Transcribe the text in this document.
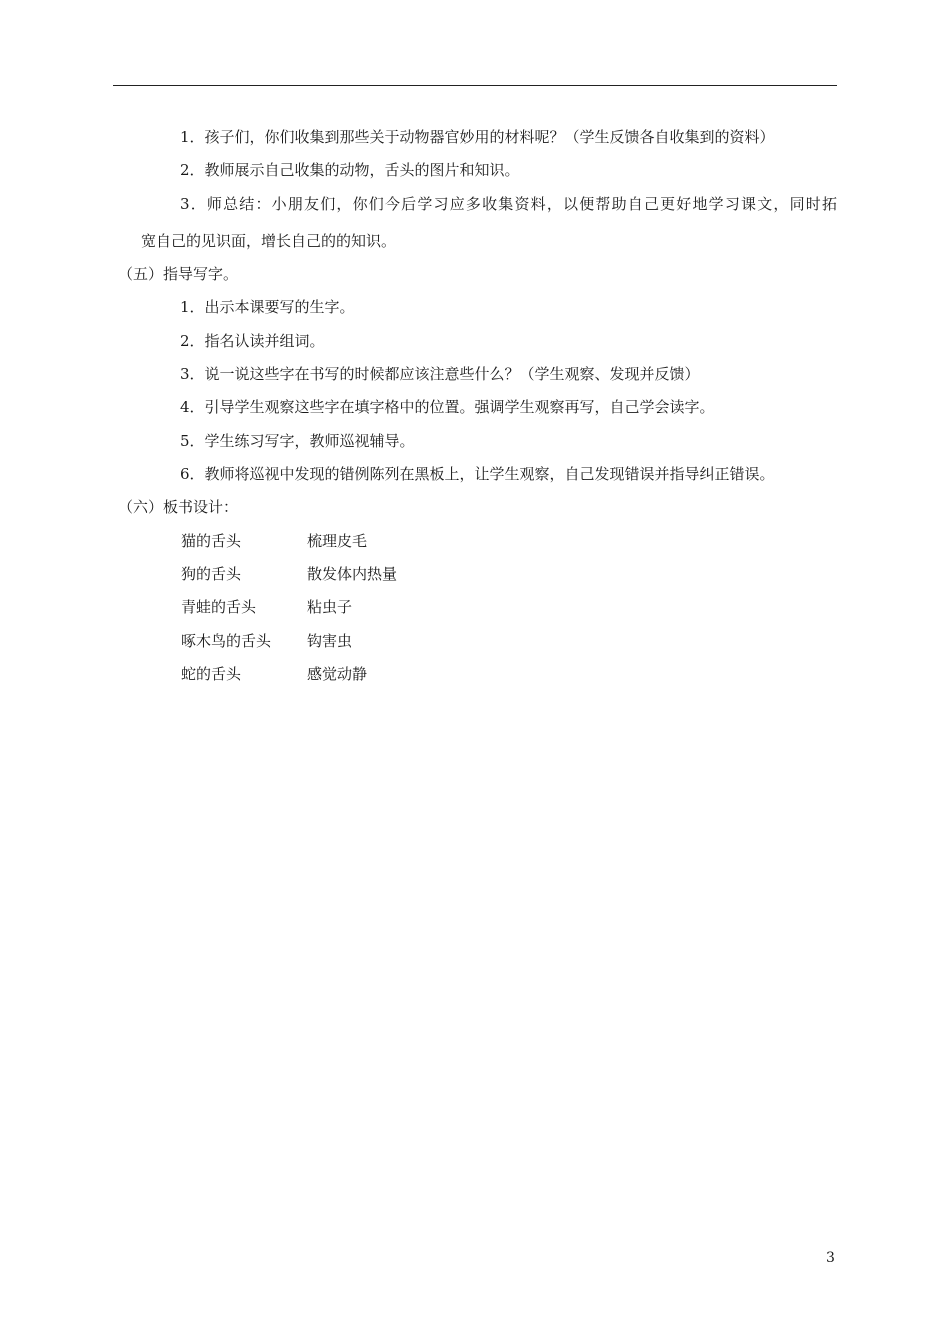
1．孩子们，你们收集到那些关于动物器官妙用的材料呢？（学生反馈各自收集到的资料）
2．教师展示自己收集的动物，舌头的图片和知识。
3．师总结：小朋友们，你们今后学习应多收集资料，以便帮助自己更好地学习课文，同时拓
宽自己的见识面，增长自己的的知识。
（五）指导写字。
1．出示本课要写的生字。
2．指名认读并组词。
3．说一说这些字在书写的时候都应该注意些什么？（学生观察、发现并反馈）
4．引导学生观察这些字在填字格中的位置。强调学生观察再写，自己学会读字。
5．学生练习写字，教师巡视辅导。
6．教师将巡视中发现的错例陈列在黑板上，让学生观察，自己发现错误并指导纠正错误。
（六）板书设计：
猫的舌头	梳理皮毛
狗的舌头	散发体内热量
青蛙的舌头	粘虫子
啄木鸟的舌头 钩害虫
蛇的舌头	感觉动静
3
